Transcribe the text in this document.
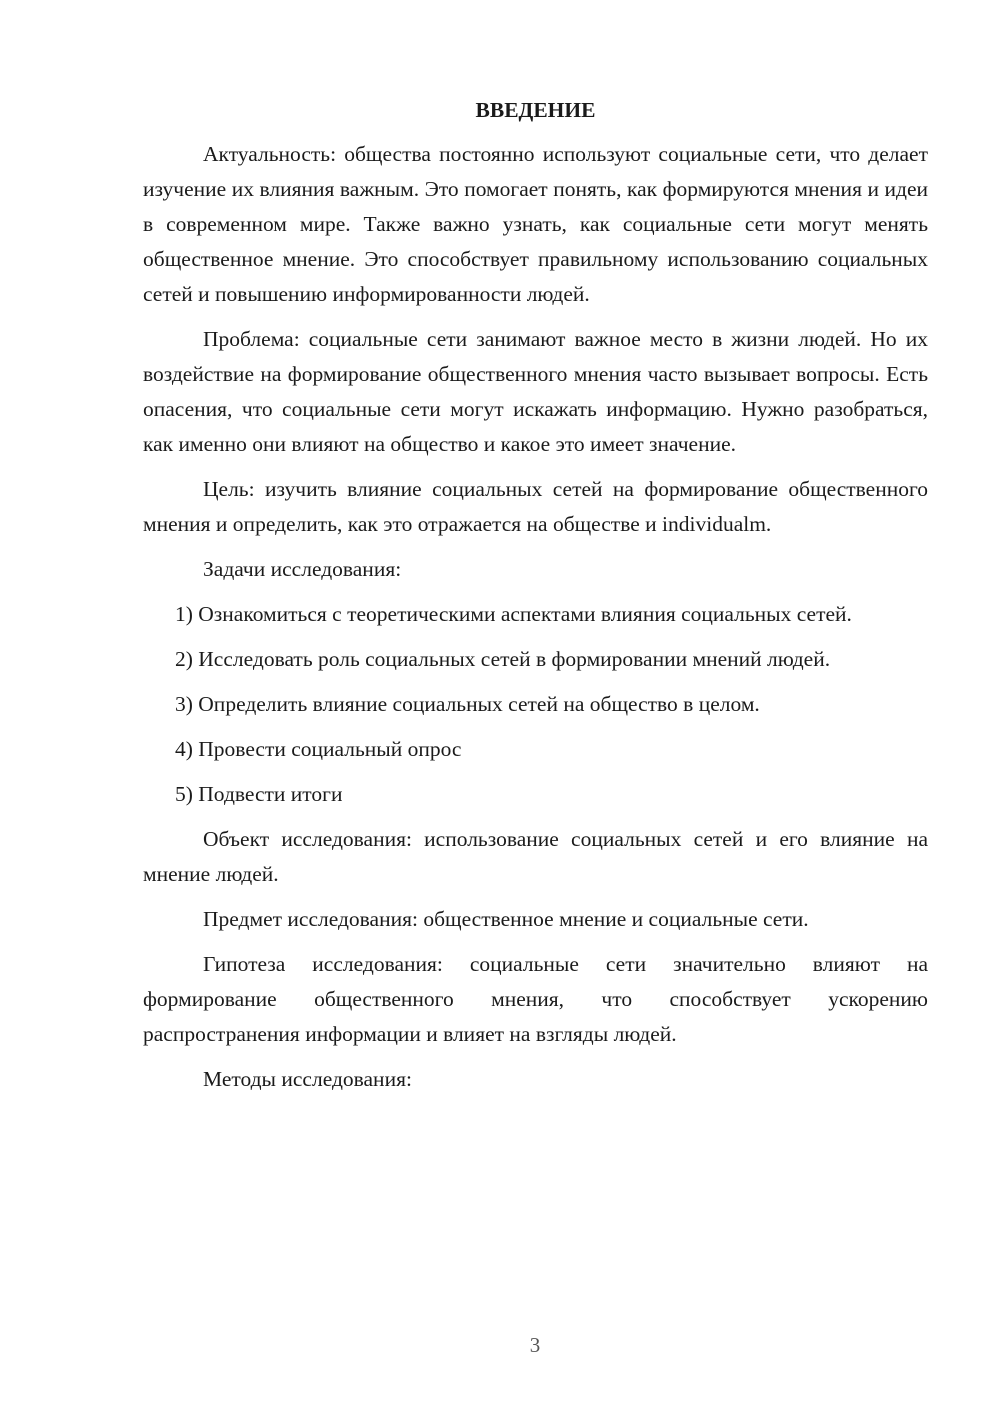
ВВЕДЕНИЕ

Актуальность: общества постоянно используют социальные сети, что делает изучение их влияния важным. Это помогает понять, как формируются мнения и идеи в современном мире. Также важно узнать, как социальные сети могут менять общественное мнение. Это способствует правильному использованию социальных сетей и повышению информированности людей.

Проблема: социальные сети занимают важное место в жизни людей. Но их воздействие на формирование общественного мнения часто вызывает вопросы. Есть опасения, что социальные сети могут искажать информацию. Нужно разобраться, как именно они влияют на общество и какое это имеет значение.

Цель: изучить влияние социальных сетей на формирование общественного мнения и определить, как это отражается на обществе и individualm.

Задачи исследования:

1) Ознакомиться с теоретическими аспектами влияния социальных сетей.

2) Исследовать роль социальных сетей в формировании мнений людей.

3) Определить влияние социальных сетей на общество в целом.

4) Провести социальный опрос

5) Подвести итоги

Объект исследования: использование социальных сетей и его влияние на мнение людей.

Предмет исследования: общественное мнение и социальные сети.

Гипотеза исследования: социальные сети значительно влияют на формирование общественного мнения, что способствует ускорению распространения информации и влияет на взгляды людей.

Методы исследования:

3
